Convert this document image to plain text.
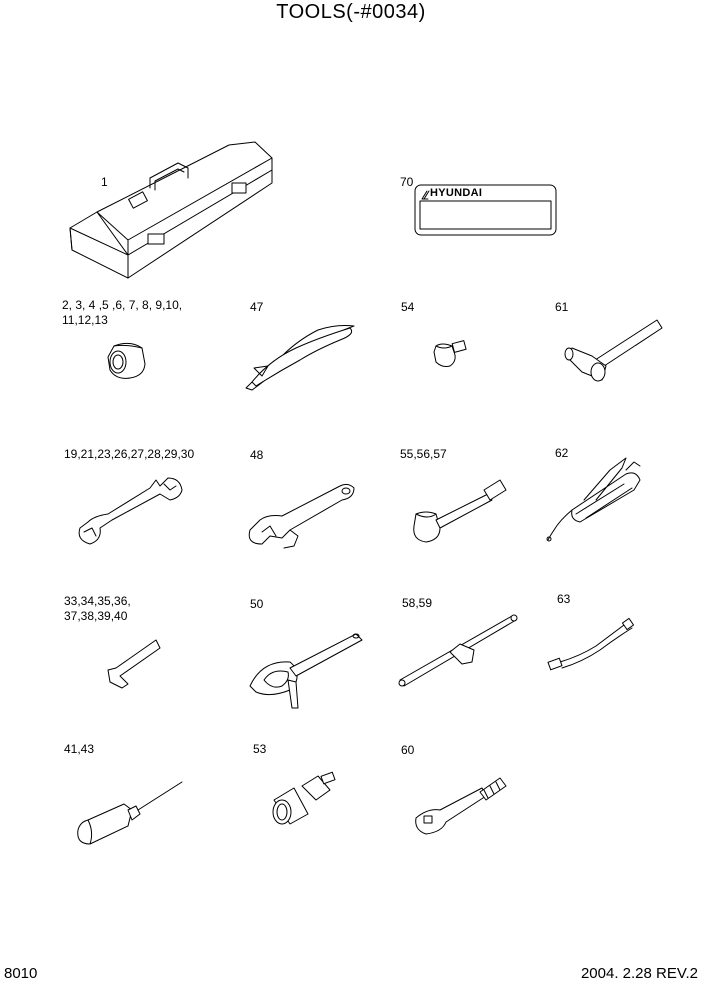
TOOLS(-#0034)
1	70
2, 3, 4 ,5 ,6, 7, 8, 9,10,
11,12,13
47	54	61
19,21,23,26,27,28,29,30	48	55,56,57	62
33,34,35,36,
37,38,39,40
50	58,59	63
41,43	53	60
HYUNDAI
8010	2004. 2.28 REV.2
